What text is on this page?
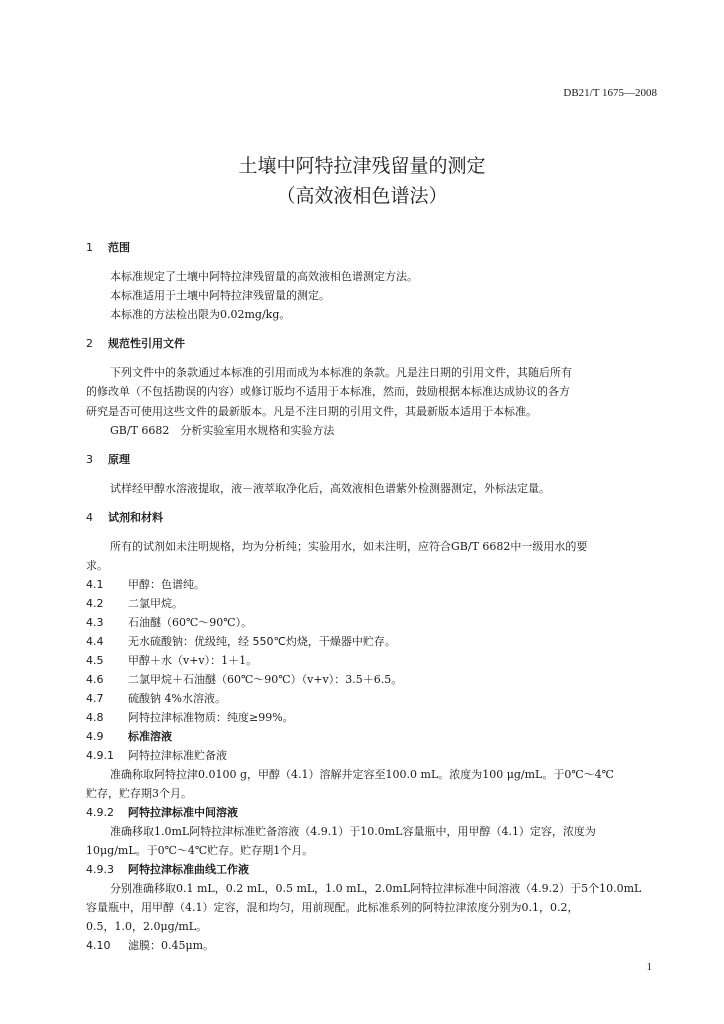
DB21/T 1675—2008
土壤中阿特拉津残留量的测定
（高效液相色谱法）
1 范围
本标准规定了土壤中阿特拉津残留量的高效液相色谱测定方法。
本标准适用于土壤中阿特拉津残留量的测定。
本标准的方法检出限为0.02mg/kg。
2 规范性引用文件
下列文件中的条款通过本标准的引用而成为本标准的条款。凡是注日期的引用文件，其随后所有
的修改单（不包括勘误的内容）或修订版均不适用于本标准，然而，鼓励根据本标准达成协议的各方
研究是否可使用这些文件的最新版本。凡是不注日期的引用文件，其最新版本适用于本标准。
GB/T 6682　分析实验室用水规格和实验方法
3 原理
试样经甲醇水溶液提取，液－液萃取净化后，高效液相色谱紫外检测器测定，外标法定量。
4 试剂和材料
所有的试剂如未注明规格，均为分析纯；实验用水，如未注明，应符合GB/T 6682中一级用水的要
求。
4.1 甲醇：色谱纯。
4.2 二氯甲烷。
4.3 石油醚（60℃～90℃）。
4.4 无水硫酸钠：优级纯，经 550℃灼烧，干燥器中贮存。
4.5 甲醇＋水（v+v）：1＋1。
4.6 二氯甲烷＋石油醚（60℃～90℃）（v+v）：3.5＋6.5。
4.7 硫酸钠 4%水溶液。
4.8 阿特拉津标准物质：纯度≥99%。
4.9 标准溶液
4.9.1 阿特拉津标准贮备液
准确称取阿特拉津0.0100 g，甲醇（4.1）溶解并定容至100.0 mL。浓度为100 μg/mL。于0℃～4℃
贮存，贮存期3个月。
4.9.2 阿特拉津标准中间溶液
准确移取1.0mL阿特拉津标准贮备溶液（4.9.1）于10.0mL容量瓶中，用甲醇（4.1）定容，浓度为
10μg/mL。于0℃～4℃贮存。贮存期1个月。
4.9.3 阿特拉津标准曲线工作液
分别准确移取0.1 mL，0.2 mL，0.5 mL，1.0 mL，2.0mL阿特拉津标准中间溶液（4.9.2）于5个10.0mL
容量瓶中，用甲醇（4.1）定容，混和均匀，用前现配。此标准系列的阿特拉津浓度分别为0.1，0.2，
0.5，1.0，2.0μg/mL。
4.10 滤膜：0.45μm。
1
